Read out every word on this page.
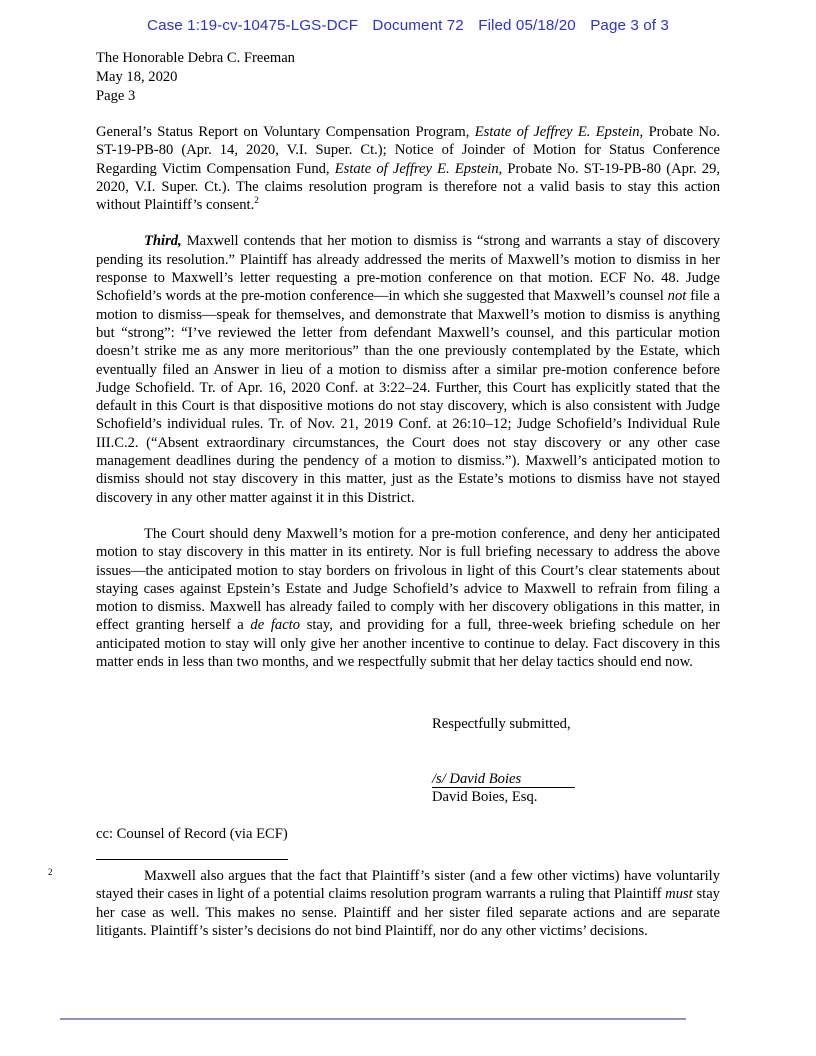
Case 1:19-cv-10475-LGS-DCF Document 72 Filed 05/18/20 Page 3 of 3
The Honorable Debra C. Freeman
May 18, 2020
Page 3

General’s Status Report on Voluntary Compensation Program, Estate of Jeffrey E. Epstein, Probate No. ST-19-PB-80 (Apr. 14, 2020, V.I. Super. Ct.); Notice of Joinder of Motion for Status Conference Regarding Victim Compensation Fund, Estate of Jeffrey E. Epstein, Probate No. ST-19-PB-80 (Apr. 29, 2020, V.I. Super. Ct.). The claims resolution program is therefore not a valid basis to stay this action without Plaintiff’s consent.$^2$

Third, Maxwell contends that her motion to dismiss is “strong and warrants a stay of discovery pending its resolution.” Plaintiff has already addressed the merits of Maxwell’s motion to dismiss in her response to Maxwell’s letter requesting a pre-motion conference on that motion. ECF No. 48. Judge Schofield’s words at the pre-motion conference—in which she suggested that Maxwell’s counsel not file a motion to dismiss—speak for themselves, and demonstrate that Maxwell’s motion to dismiss is anything but “strong”: “I’ve reviewed the letter from defendant Maxwell’s counsel, and this particular motion doesn’t strike me as any more meritorious” than the one previously contemplated by the Estate, which eventually filed an Answer in lieu of a motion to dismiss after a similar pre-motion conference before Judge Schofield. Tr. of Apr. 16, 2020 Conf. at 3:22–24. Further, this Court has explicitly stated that the default in this Court is that dispositive motions do not stay discovery, which is also consistent with Judge Schofield’s individual rules. Tr. of Nov. 21, 2019 Conf. at 26:10–12; Judge Schofield’s Individual Rule III.C.2. (“Absent extraordinary circumstances, the Court does not stay discovery or any other case management deadlines during the pendency of a motion to dismiss.”). Maxwell’s anticipated motion to dismiss should not stay discovery in this matter, just as the Estate’s motions to dismiss have not stayed discovery in any other matter against it in this District.

The Court should deny Maxwell’s motion for a pre-motion conference, and deny her anticipated motion to stay discovery in this matter in its entirety. Nor is full briefing necessary to address the above issues—the anticipated motion to stay borders on frivolous in light of this Court’s clear statements about staying cases against Epstein’s Estate and Judge Schofield’s advice to Maxwell to refrain from filing a motion to dismiss. Maxwell has already failed to comply with her discovery obligations in this matter, in effect granting herself a de facto stay, and providing for a full, three-week briefing schedule on her anticipated motion to stay will only give her another incentive to continue to delay. Fact discovery in this matter ends in less than two months, and we respectfully submit that her delay tactics should end now.

Respectfully submitted,
/s/ David Boies
David Boies, Esq.
cc: Counsel of Record (via ECF)

2	Maxwell also argues that the fact that Plaintiff’s sister (and a few other victims) have voluntarily stayed their cases in light of a potential claims resolution program warrants a ruling that Plaintiff must stay her case as well. This makes no sense. Plaintiff and her sister filed separate actions and are separate litigants. Plaintiff’s sister’s decisions do not bind Plaintiff, nor do any other victims’ decisions.
